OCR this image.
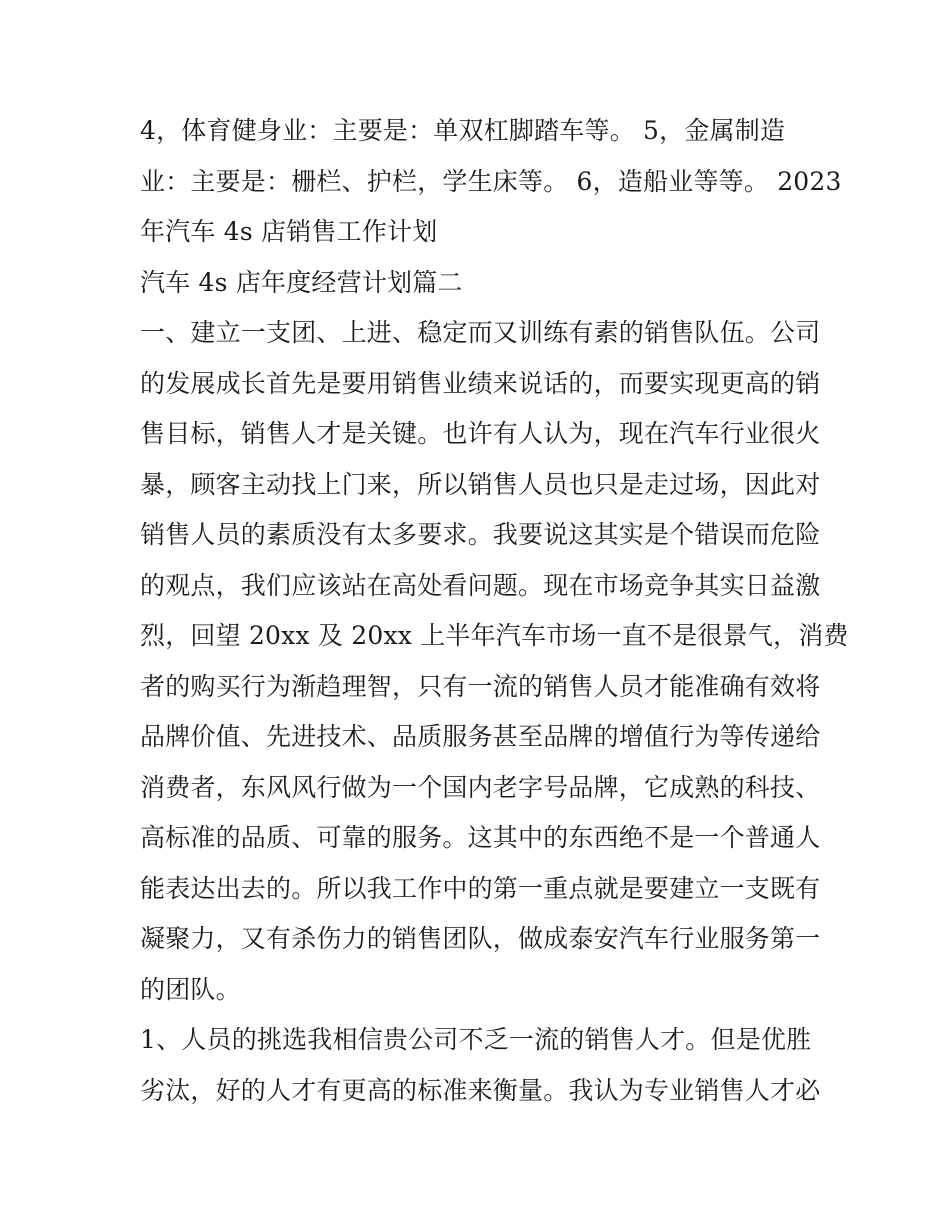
4，体育健身业：主要是：单双杠脚踏车等。 5，金属制造
业：主要是：栅栏、护栏，学生床等。 6，造船业等等。 2023
年汽车 4s 店销售工作计划
汽车 4s 店年度经营计划篇二
一、建立一支团、上进、稳定而又训练有素的销售队伍。公司
的发展成长首先是要用销售业绩来说话的，而要实现更高的销
售目标，销售人才是关键。也许有人认为，现在汽车行业很火
暴，顾客主动找上门来，所以销售人员也只是走过场，因此对
销售人员的素质没有太多要求。我要说这其实是个错误而危险
的观点，我们应该站在高处看问题。现在市场竞争其实日益激
烈，回望 20xx 及 20xx 上半年汽车市场一直不是很景气，消费
者的购买行为渐趋理智，只有一流的销售人员才能准确有效将
品牌价值、先进技术、品质服务甚至品牌的增值行为等传递给
消费者，东风风行做为一个国内老字号品牌，它成熟的科技、
高标准的品质、可靠的服务。这其中的东西绝不是一个普通人
能表达出去的。所以我工作中的第一重点就是要建立一支既有
凝聚力，又有杀伤力的销售团队，做成泰安汽车行业服务第一
的团队。
1、人员的挑选我相信贵公司不乏一流的销售人才。但是优胜
劣汰，好的人才有更高的标准来衡量。我认为专业销售人才必
